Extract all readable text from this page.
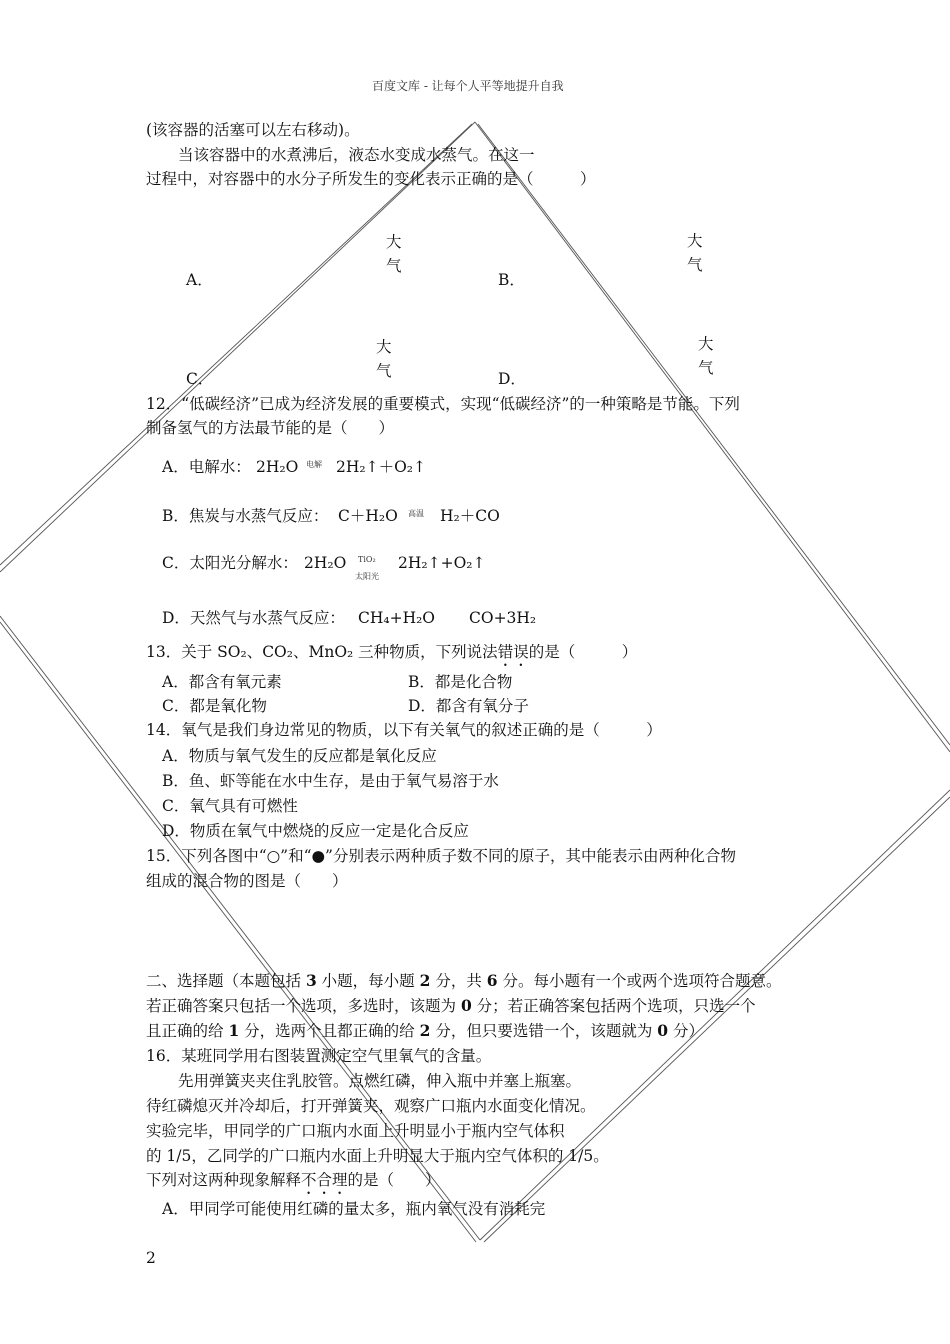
百度文库 - 让每个人平等地提升自我
(该容器的活塞可以左右移动)。
当该容器中的水煮沸后，液态水变成水蒸气。在这一
过程中，对容器中的水分子所发生的变化表示正确的是（　　　）
大
气
大
气
A．	B．
大
气
大
气
C．	D．
12．“低碳经济”已成为经济发展的重要模式，实现“低碳经济”的一种策略是节能。下列
制备氢气的方法最节能的是（　　）
A．电解水： 2H₂O 电解 2H₂↑＋O₂↑
B．焦炭与水蒸气反应： C＋H₂O 高温 H₂＋CO
C．太阳光分解水： 2H₂O TiO₂
太阳光
2H₂↑+O₂↑
D．天然气与水蒸气反应： CH₄+H₂O CO+3H₂
13．关于 SO₂、CO₂、MnO₂ 三种物质，下列说法错误的是（　　　）
A．都含有氧元素	B．都是化合物
C．都是氧化物	D．都含有氧分子
14．氧气是我们身边常见的物质，以下有关氧气的叙述正确的是（　　　）
A．物质与氧气发生的反应都是氧化反应
B．鱼、虾等能在水中生存，是由于氧气易溶于水
C．氧气具有可燃性
D．物质在氧气中燃烧的反应一定是化合反应
15．下列各图中“○”和“●”分别表示两种质子数不同的原子，其中能表示由两种化合物
组成的混合物的图是（　　）
二、选择题（本题包括 3 小题，每小题 2 分，共 6 分。每小题有一个或两个选项符合题意。
若正确答案只包括一个选项，多选时，该题为 0 分；若正确答案包括两个选项，只选一个
且正确的给 1 分，选两个且都正确的给 2 分，但只要选错一个，该题就为 0 分）
16．某班同学用右图装置测定空气里氧气的含量。
先用弹簧夹夹住乳胶管。点燃红磷，伸入瓶中并塞上瓶塞。
待红磷熄灭并冷却后，打开弹簧夹，观察广口瓶内水面变化情况。
实验完毕，甲同学的广口瓶内水面上升明显小于瓶内空气体积
的 1/5，乙同学的广口瓶内水面上升明显大于瓶内空气体积的 1/5。
下列对这两种现象解释不合理的是（　　）
A．甲同学可能使用红磷的量太多，瓶内氧气没有消耗完
2
